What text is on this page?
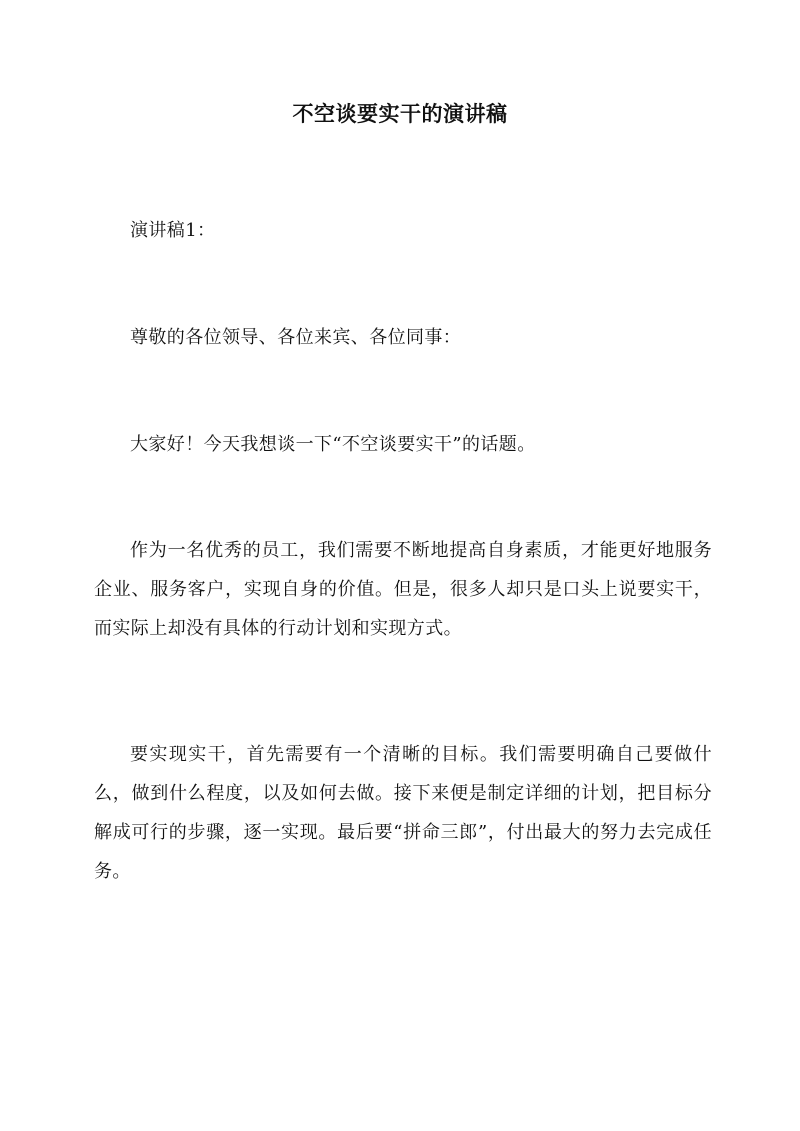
不空谈要实干的演讲稿

演讲稿1：

尊敬的各位领导、各位来宾、各位同事：

大家好！今天我想谈一下“不空谈要实干”的话题。

作为一名优秀的员工，我们需要不断地提高自身素质，才能更好地服务企业、服务客户，实现自身的价值。但是，很多人却只是口头上说要实干，而实际上却没有具体的行动计划和实现方式。

要实现实干，首先需要有一个清晰的目标。我们需要明确自己要做什么，做到什么程度，以及如何去做。接下来便是制定详细的计划，把目标分解成可行的步骤，逐一实现。最后要“拼命三郎”，付出最大的努力去完成任务。
